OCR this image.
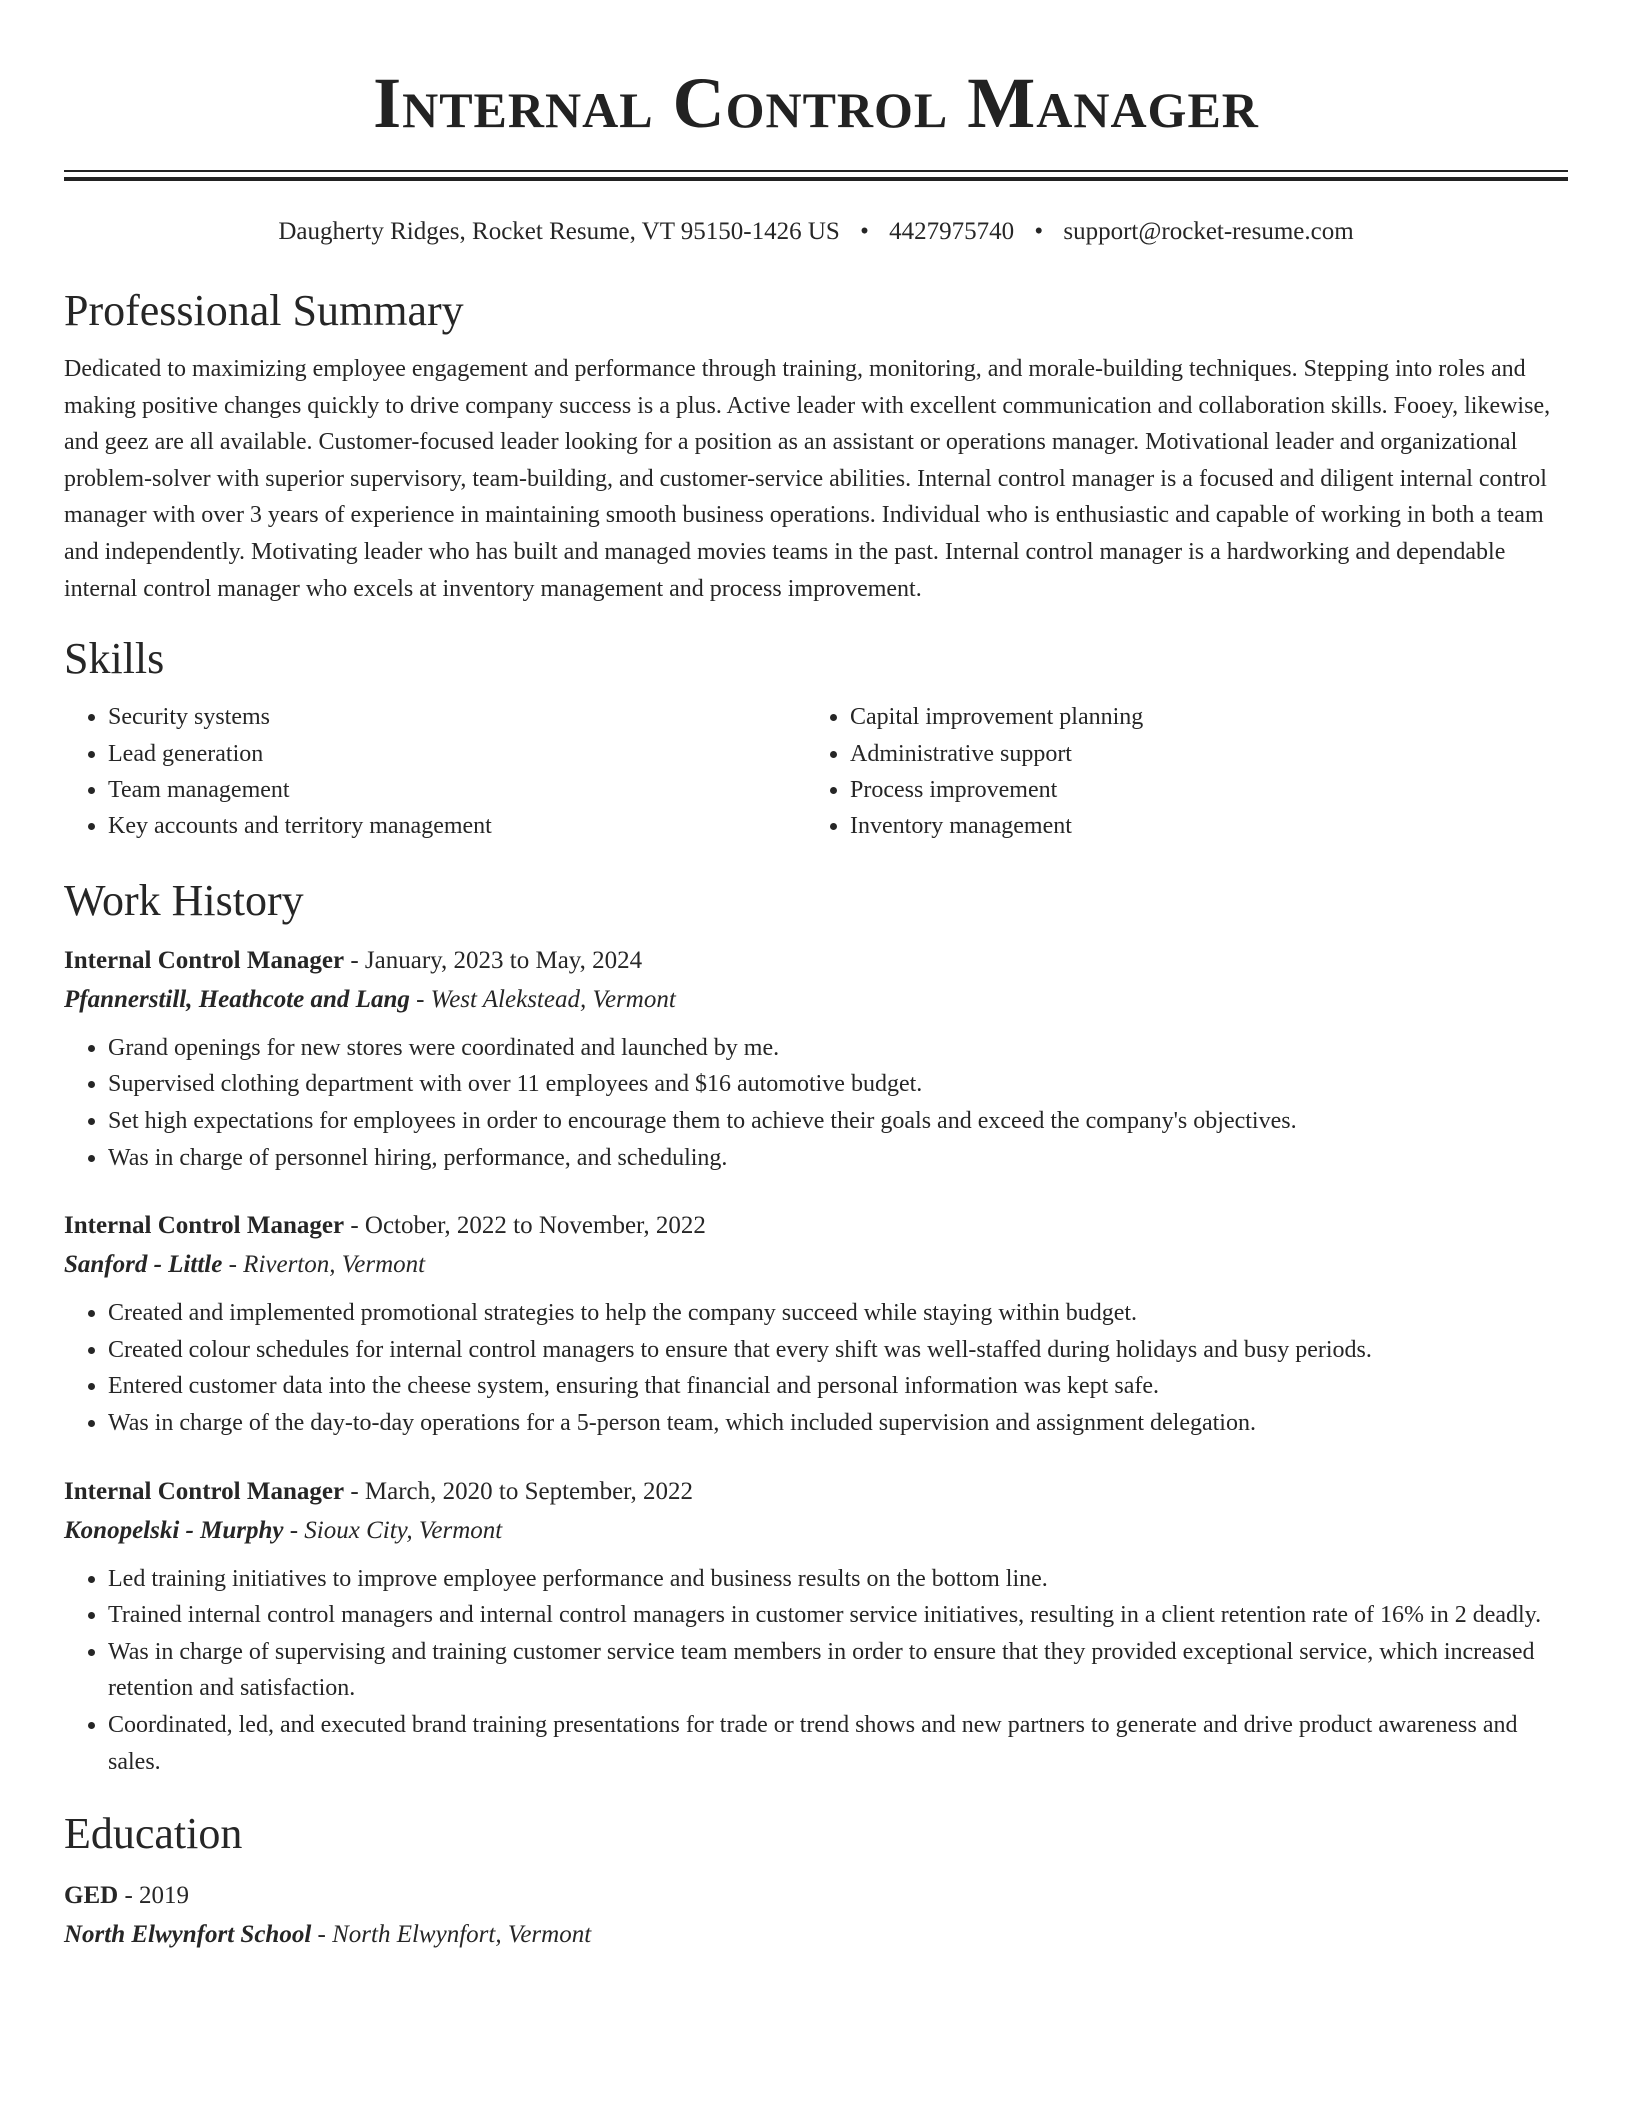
Internal Control Manager
Daugherty Ridges, Rocket Resume, VT 95150-1426 US • 4427975740 • support@rocket-resume.com
Professional Summary
Dedicated to maximizing employee engagement and performance through training, monitoring, and morale-building techniques. Stepping into roles and making positive changes quickly to drive company success is a plus. Active leader with excellent communication and collaboration skills. Fooey, likewise, and geez are all available. Customer-focused leader looking for a position as an assistant or operations manager. Motivational leader and organizational problem-solver with superior supervisory, team-building, and customer-service abilities. Internal control manager is a focused and diligent internal control manager with over 3 years of experience in maintaining smooth business operations. Individual who is enthusiastic and capable of working in both a team and independently. Motivating leader who has built and managed movies teams in the past. Internal control manager is a hardworking and dependable internal control manager who excels at inventory management and process improvement.
Skills
• Security systems
• Lead generation
• Team management
• Key accounts and territory management
• Capital improvement planning
• Administrative support
• Process improvement
• Inventory management
Work History
Internal Control Manager - January, 2023 to May, 2024
Pfannerstill, Heathcote and Lang - West Alekstead, Vermont
• Grand openings for new stores were coordinated and launched by me.
• Supervised clothing department with over 11 employees and $16 automotive budget.
• Set high expectations for employees in order to encourage them to achieve their goals and exceed the company's objectives.
• Was in charge of personnel hiring, performance, and scheduling.
Internal Control Manager - October, 2022 to November, 2022
Sanford - Little - Riverton, Vermont
• Created and implemented promotional strategies to help the company succeed while staying within budget.
• Created colour schedules for internal control managers to ensure that every shift was well-staffed during holidays and busy periods.
• Entered customer data into the cheese system, ensuring that financial and personal information was kept safe.
• Was in charge of the day-to-day operations for a 5-person team, which included supervision and assignment delegation.
Internal Control Manager - March, 2020 to September, 2022
Konopelski - Murphy - Sioux City, Vermont
• Led training initiatives to improve employee performance and business results on the bottom line.
• Trained internal control managers and internal control managers in customer service initiatives, resulting in a client retention rate of 16% in 2 deadly.
• Was in charge of supervising and training customer service team members in order to ensure that they provided exceptional service, which increased retention and satisfaction.
• Coordinated, led, and executed brand training presentations for trade or trend shows and new partners to generate and drive product awareness and sales.
Education
GED - 2019
North Elwynfort School - North Elwynfort, Vermont
